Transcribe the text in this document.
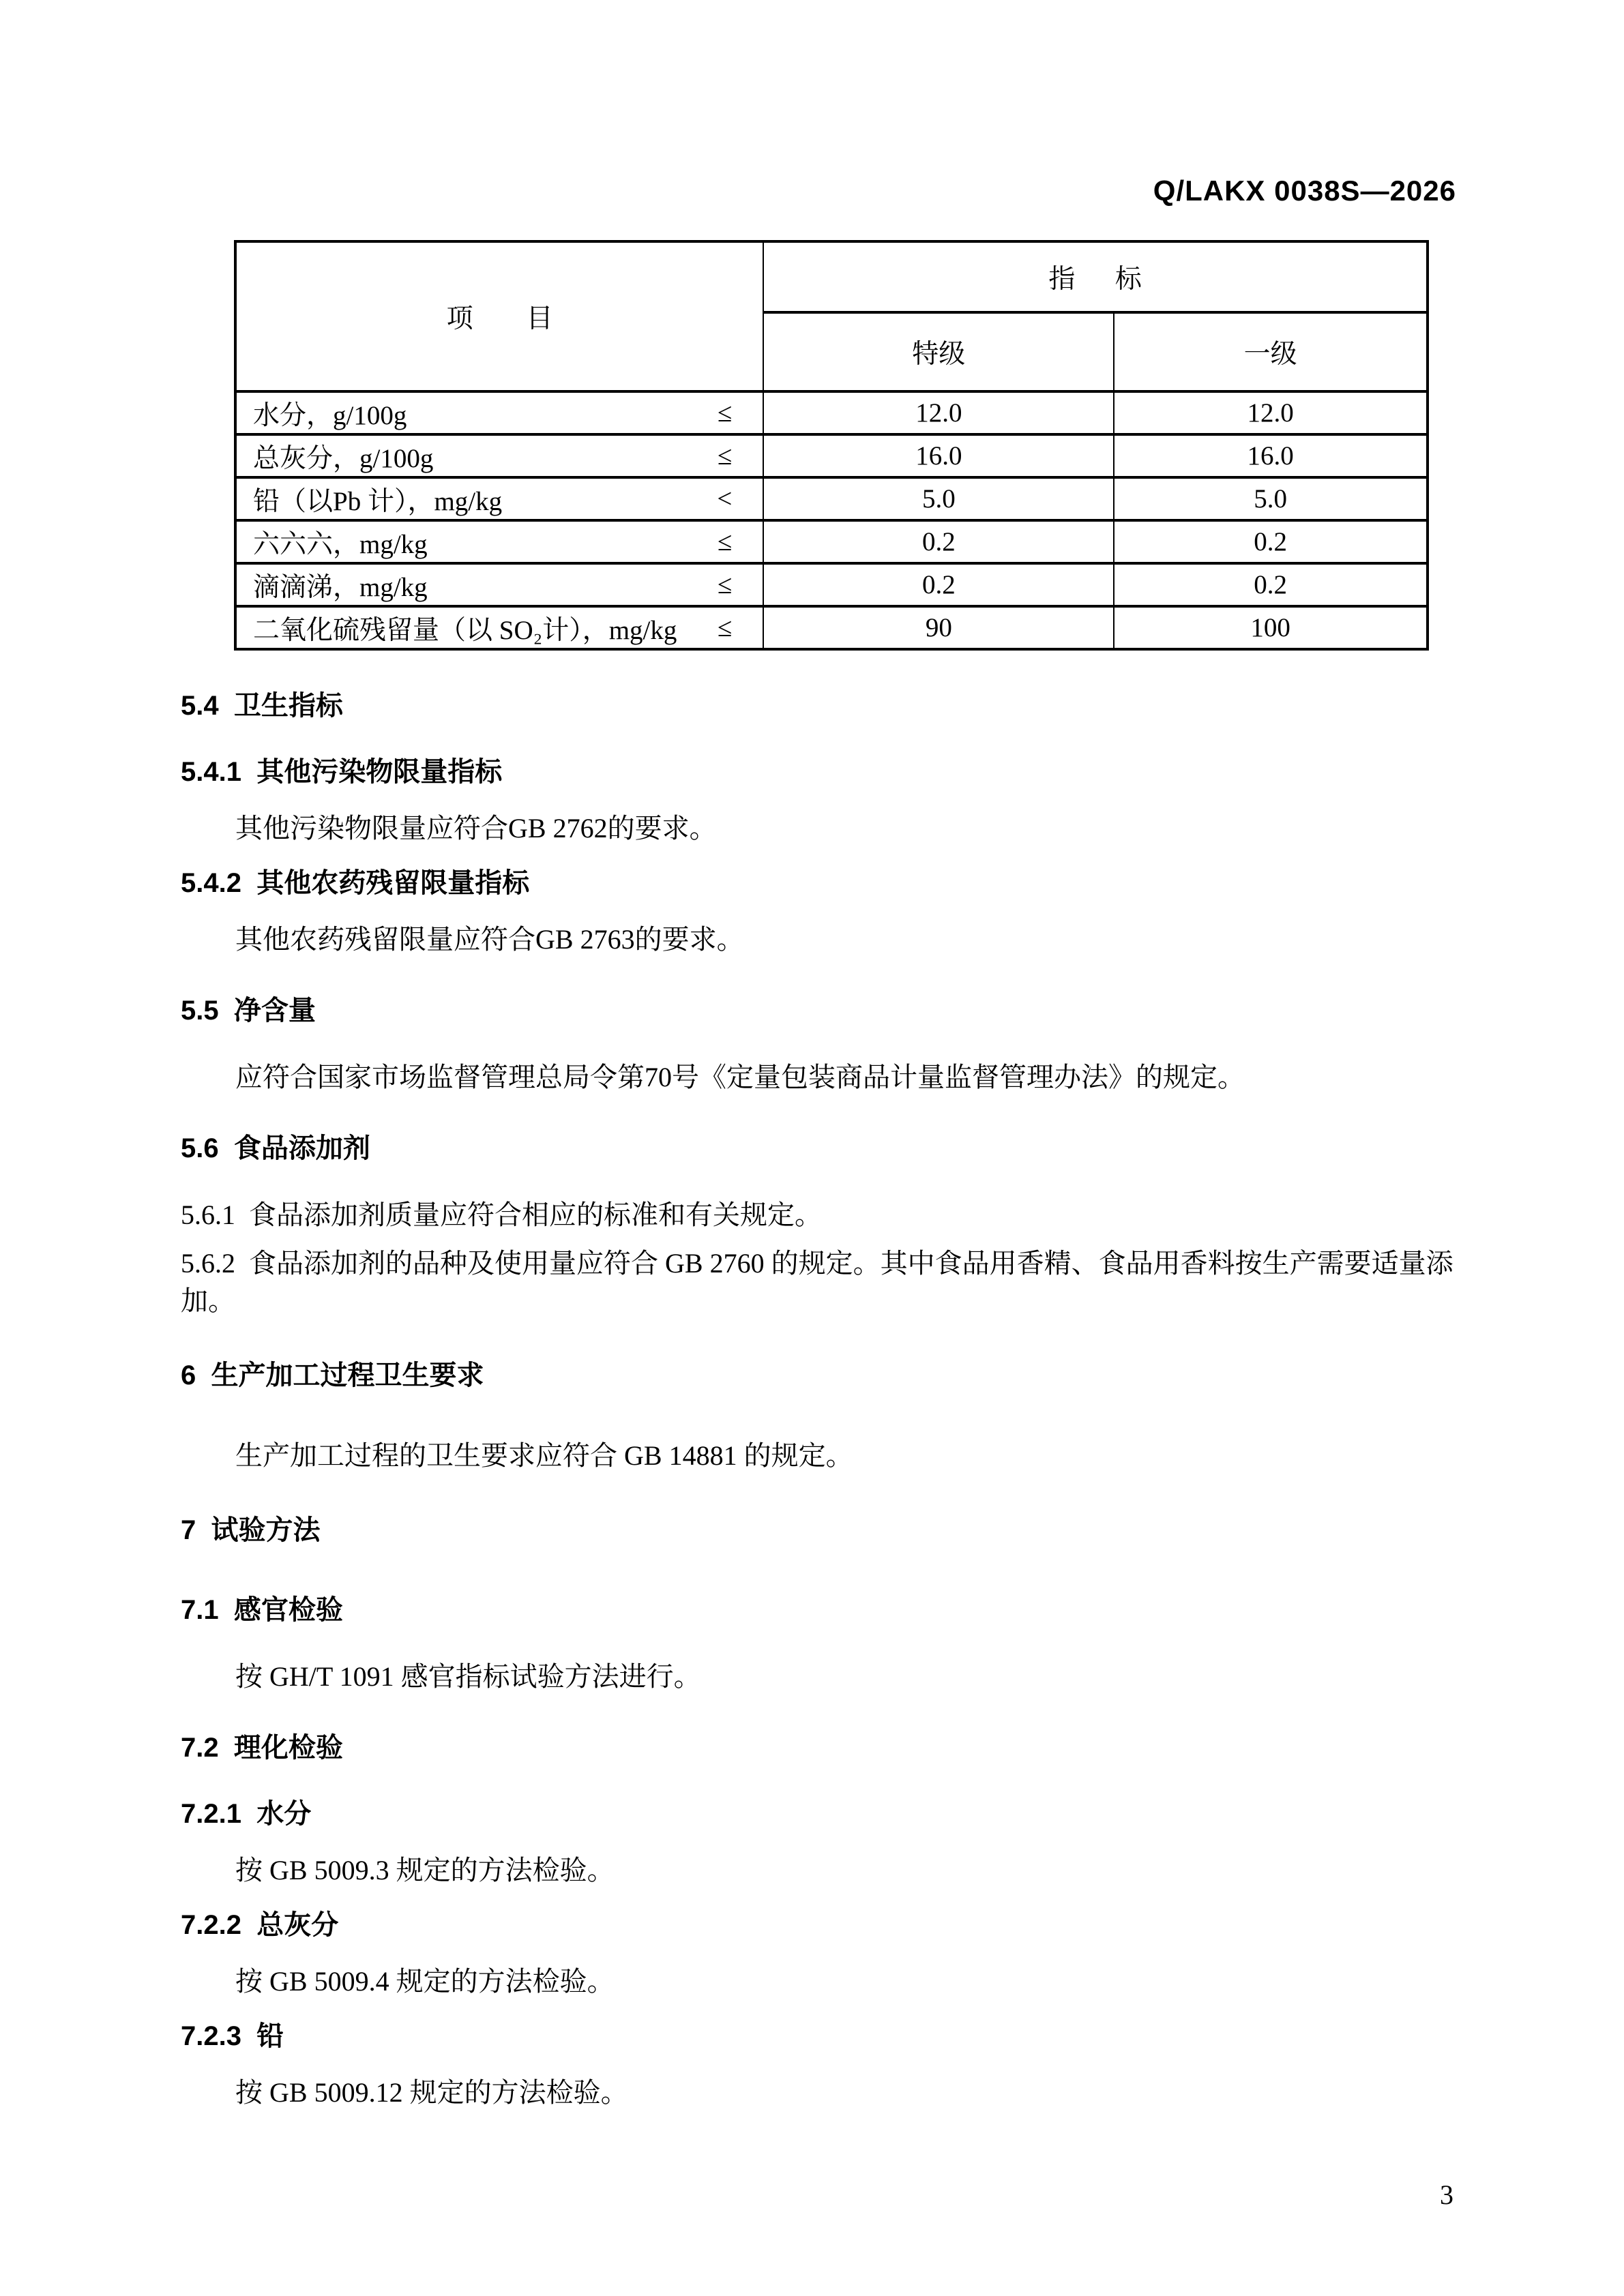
Q/LAKX 0038S—2026
项        目	指      标	
	特级	一级

水分，g/100g ≤	12.0	12.0

总灰分，g/100g ≤	16.0	16.0

铅（以Pb 计），mg/kg <	5.0	5.0

六六六，mg/kg ≤	0.2	0.2

滴滴涕，mg/kg ≤	0.2	0.2

二氧化硫残留量（以 SO₂计），mg/kg ≤	90	100
5.4  卫生指标
5.4.1  其他污染物限量指标
其他污染物限量应符合GB 2762的要求。
5.4.2  其他农药残留限量指标
其他农药残留限量应符合GB 2763的要求。
5.5  净含量
应符合国家市场监督管理总局令第70号《定量包装商品计量监督管理办法》的规定。
5.6  食品添加剂
5.6.1  食品添加剂质量应符合相应的标准和有关规定。
5.6.2  食品添加剂的品种及使用量应符合 GB 2760 的规定。其中食品用香精、食品用香料按生产需要适量添加。
6  生产加工过程卫生要求
生产加工过程的卫生要求应符合 GB 14881 的规定。
7  试验方法
7.1  感官检验
按 GH/T 1091 感官指标试验方法进行。
7.2  理化检验
7.2.1  水分
按 GB 5009.3 规定的方法检验。
7.2.2  总灰分
按 GB 5009.4 规定的方法检验。
7.2.3  铅
按 GB 5009.12 规定的方法检验。
3
